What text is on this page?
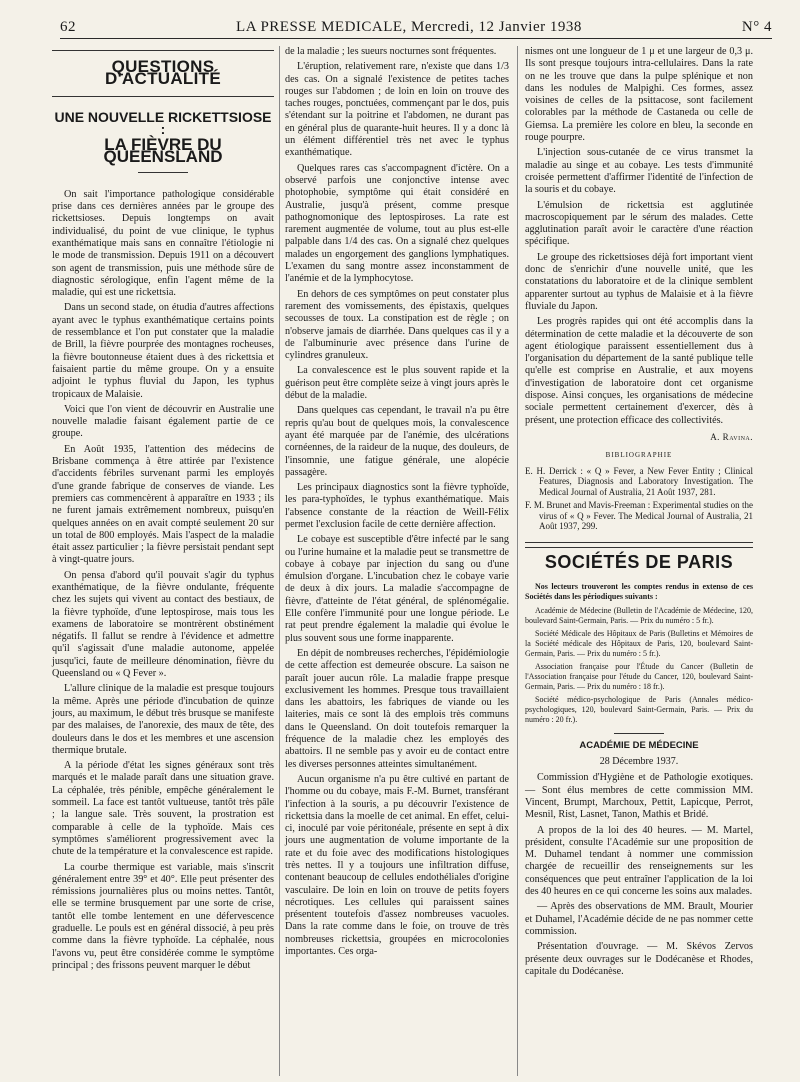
62	LA PRESSE MEDICALE, Mercredi, 12 Janvier 1938	N° 4
QUESTIONS D'ACTUALITÉ
UNE NOUVELLE RICKETTSIOSE :
LA FIÈVRE DU QUEENSLAND

On sait l'importance pathologique considérable prise dans ces dernières années par le groupe des rickettsioses. Depuis longtemps on avait individualisé, du point de vue clinique, le typhus exanthématique mais sans en connaître l'étiologie ni le mode de transmission. Depuis 1911 on a découvert son agent de transmission, puis une méthode sûre de diagnostic sérologique, enfin l'agent même de la maladie, qui est une rickettsia.

Dans un second stade, on étudia d'autres affections ayant avec le typhus exanthématique certains points de ressemblance et l'on put constater que la maladie de Brill, la fièvre pourprée des montagnes rocheuses, la fièvre boutonneuse étaient dues à des rickettsia et faisaient partie du même groupe. On y a ensuite adjoint le typhus fluvial du Japon, les typhus tropicaux de Malaisie.

Voici que l'on vient de découvrir en Australie une nouvelle maladie faisant également partie de ce groupe.

En Août 1935, l'attention des médecins de Brisbane commença à être attirée par l'existence d'accidents fébriles survenant parmi les employés d'une grande fabrique de conserves de viande. Les premiers cas commencèrent à apparaître en 1933 ; ils ne furent jamais extrêmement nombreux, puisqu'en quelques années on en avait compté seulement 20 sur un total de 800 employés. Mais l'aspect de la maladie était assez particulier ; la fièvre persistait pendant sept à vingt-quatre jours.

On pensa d'abord qu'il pouvait s'agir du typhus exanthématique, de la fièvre ondulante, fréquente chez les sujets qui vivent au contact des bestiaux, de la fièvre typhoïde, d'une leptospirose, mais tous les examens de laboratoire se montrèrent obstinément négatifs. Il fallut se rendre à l'évidence et admettre qu'il s'agissait d'une maladie autonome, appelée jusqu'ici, faute de meilleure dénomination, fièvre du Queensland ou « Q Fever ».

L'allure clinique de la maladie est presque toujours la même. Après une période d'incubation de quinze jours, au maximum, le début très brusque se manifeste par des malaises, de l'anorexie, des maux de tête, des douleurs dans le dos et les membres et une ascension thermique brutale.

A la période d'état les signes généraux sont très marqués et le malade paraît dans une situation grave. La céphalée, très pénible, empêche généralement le sommeil. La face est tantôt vultueuse, tantôt très pâle ; la langue sale. Très souvent, la prostration est comparable à celle de la typhoïde. Mais ces symptômes s'améliorent progressivement avec la chute de la température et la convalescence est rapide.

La courbe thermique est variable, mais s'inscrit généralement entre 39° et 40°. Elle peut présenter des rémissions journalières plus ou moins nettes. Tantôt, elle se termine brusquement par une sorte de crise, tantôt elle tombe lentement en une défervescence graduelle. Le pouls est en général dissocié, à peu près comme dans la fièvre typhoïde. La céphalée, nous l'avons vu, peut être considérée comme le symptôme principal ; des frissons peuvent marquer le début

de la maladie ; les sueurs nocturnes sont fréquentes.

L'éruption, relativement rare, n'existe que dans 1/3 des cas. On a signalé l'existence de petites taches rouges sur l'abdomen ; de loin en loin on trouve des taches rouges, ponctuées, commençant par le dos, puis s'étendant sur la poitrine et l'abdomen, ne durant pas en général plus de quarante-huit heures. Il y a donc là un élément différentiel très net avec le typhus exanthématique.

Quelques rares cas s'accompagnent d'ictère. On a observé parfois une conjonctive intense avec photophobie, symptôme qui était considéré en Australie, jusqu'à présent, comme presque pathognomonique des leptospiroses. La rate est rarement augmentée de volume, tout au plus est-elle palpable dans 1/4 des cas. On a signalé chez quelques malades un engorgement des ganglions lymphatiques. L'examen du sang montre assez inconstamment de l'anémie et de la lymphocytose.

En dehors de ces symptômes on peut constater plus rarement des vomissements, des épistaxis, quelques secousses de toux. La constipation est de règle ; on n'observe jamais de diarrhée. Dans quelques cas il y a de l'albuminurie avec présence dans l'urine de cylindres granuleux.

La convalescence est le plus souvent rapide et la guérison peut être complète seize à vingt jours après le début de la maladie.

Dans quelques cas cependant, le travail n'a pu être repris qu'au bout de quelques mois, la convalescence ayant été marquée par de l'anémie, des ulcérations cornéennes, de la raideur de la nuque, des douleurs, de l'insomnie, une fatigue générale, une alopécie passagère.

Les principaux diagnostics sont la fièvre typhoïde, les para-typhoïdes, le typhus exanthématique. Mais l'absence constante de la réaction de Weill-Félix permet l'exclusion facile de cette dernière affection.

Le cobaye est susceptible d'être infecté par le sang ou l'urine humaine et la maladie peut se transmettre de cobaye à cobaye par injection du sang ou d'une émulsion d'organe. L'incubation chez le cobaye varie de deux à dix jours. La maladie s'accompagne de fièvre, d'atteinte de l'état général, de splénomégalie. Elle confère l'immunité pour une longue période. Le rat peut prendre également la maladie qui évolue le plus souvent sous une forme inapparente.

En dépit de nombreuses recherches, l'épidémiologie de cette affection est demeurée obscure. La saison ne paraît jouer aucun rôle. La maladie frappe presque exclusivement les hommes. Presque tous travaillaient dans les abattoirs, les fabriques de viande ou les laiteries, mais ce sont là des emplois très communs dans le Queensland. On doit toutefois remarquer la fréquence de la maladie chez les employés des abattoirs. Il ne semble pas y avoir eu de contact entre les diverses personnes atteintes simultanément.

Aucun organisme n'a pu être cultivé en partant de l'homme ou du cobaye, mais F.-M. Burnet, transférant l'infection à la souris, a pu découvrir l'existence de rickettsia dans la moelle de cet animal. En effet, celui-ci, inoculé par voie péritonéale, présente en sept à dix jours une augmentation de volume importante de la rate et du foie avec des modifications histologiques très nettes. Il y a toujours une infiltration diffuse, contenant beaucoup de cellules endothéliales d'origine vasculaire. De loin en loin on trouve de petits foyers nécrotiques. Les cellules qui paraissent saines présentent toutefois d'assez nombreuses vacuoles. Dans la rate comme dans le foie, on trouve de très nombreuses rickettsia, groupées en microcolonies importantes. Ces orga-

nismes ont une longueur de 1 μ et une largeur de 0,3 μ. Ils sont presque toujours intra-cellulaires. Dans la rate on ne les trouve que dans la pulpe splénique et non dans les nodules de Malpighi. Ces formes, assez voisines de celles de la psittacose, sont facilement colorables par la méthode de Castaneda ou celle de Giemsa. La première les colore en bleu, la seconde en rouge pourpre.

L'injection sous-cutanée de ce virus transmet la maladie au singe et au cobaye. Les tests d'immunité croisée permettent d'affirmer l'identité de l'infection de la souris et du cobaye.

L'émulsion de rickettsia est agglutinée macroscopiquement par le sérum des malades. Cette agglutination paraît avoir le caractère d'une réaction spécifique.

Le groupe des rickettsioses déjà fort important vient donc de s'enrichir d'une nouvelle unité, que les constatations du laboratoire et de la clinique semblent apparenter surtout au typhus de Malaisie et à la fièvre fluviale du Japon.

Les progrès rapides qui ont été accomplis dans la détermination de cette maladie et la découverte de son agent étiologique paraissent essentiellement dus à l'organisation du département de la santé publique telle qu'elle est comprise en Australie, et aux moyens d'investigation de laboratoire dont cet organisme dispose. Ainsi conçues, les organisations de médecine sociale permettent certainement d'exercer, dès à présent, une protection efficace des collectivités.

A. Ravina.
BIBLIOGRAPHIE
E. H. Derrick : « Q » Fever, a New Fever Entity ; Clinical Features, Diagnosis and Laboratory Investigation. The Medical Journal of Australia, 21 Août 1937, 281.
F. M. Brunet and Mavis-Freeman : Experimental studies on the virus of « Q » Fever. The Medical Journal of Australia, 21 Août 1937, 299.
SOCIÉTÉS DE PARIS
Nos lecteurs trouveront les comptes rendus in extenso de ces Sociétés dans les périodiques suivants :
Académie de Médecine (Bulletin de l'Académie de Médecine, 120, boulevard Saint-Germain, Paris. — Prix du numéro : 5 fr.).
Société Médicale des Hôpitaux de Paris (Bulletins et Mémoires de la Société médicale des Hôpitaux de Paris, 120, boulevard Saint-Germain, Paris. — Prix du numéro : 5 fr.).
Association française pour l'Étude du Cancer (Bulletin de l'Association française pour l'étude du Cancer, 120, boulevard Saint-Germain, Paris. — Prix du numéro : 18 fr.).
Société médico-psychologique de Paris (Annales médico-psychologiques, 120, boulevard Saint-Germain, Paris. — Prix du numéro : 20 fr.).
ACADÉMIE DE MÉDECINE
28 Décembre 1937.

Commission d'Hygiène et de Pathologie exotiques. — Sont élus membres de cette commission MM. Vincent, Brumpt, Marchoux, Pettit, Lapicque, Perrot, Mesnil, Rist, Lasnet, Tanon, Mathis et Bridé.

A propos de la loi des 40 heures. — M. Martel, président, consulte l'Académie sur une proposition de M. Duhamel tendant à nommer une commission chargée de recueillir des renseignements sur les conséquences que peut entraîner l'application de la loi des 40 heures en ce qui concerne les soins aux malades.

— Après des observations de MM. Brault, Mourier et Duhamel, l'Académie décide de ne pas nommer cette commission.

Présentation d'ouvrage. — M. Skévos Zervos présente deux ouvrages sur le Dodécanèse et Rhodes, capitale du Dodécanèse.
